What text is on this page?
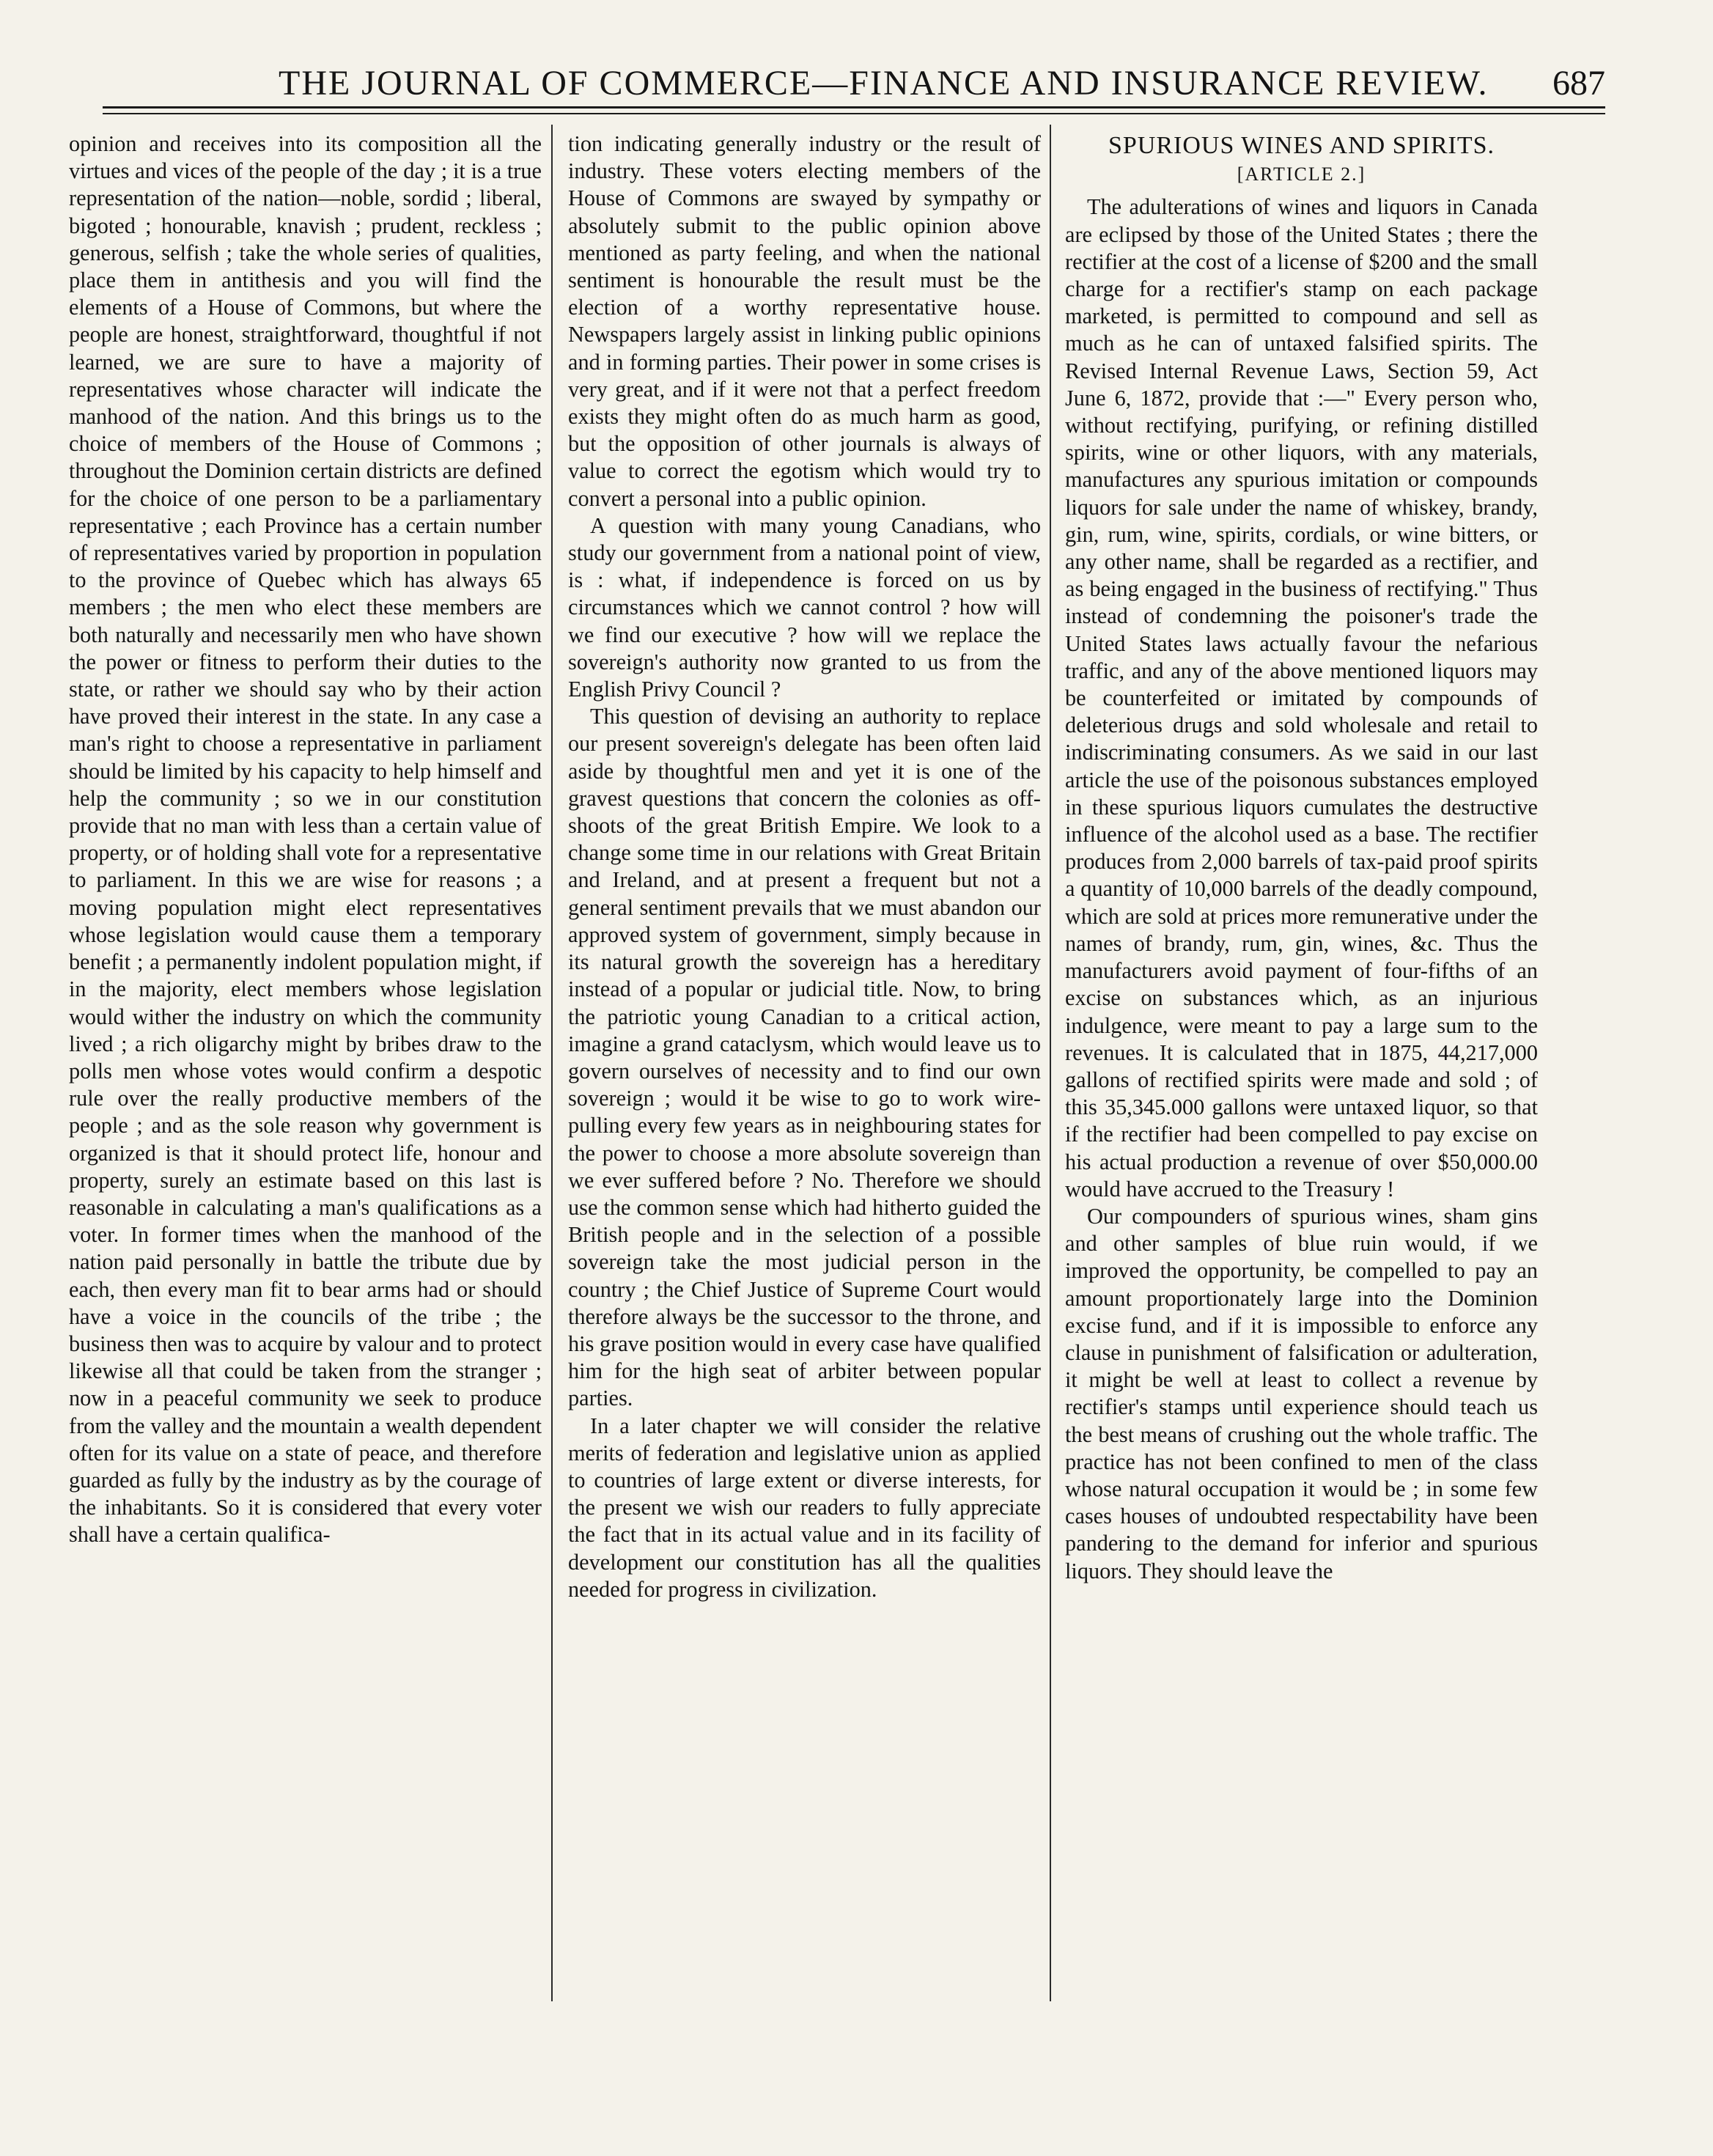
THE JOURNAL OF COMMERCE—FINANCE AND INSURANCE REVIEW. 687

opinion and receives into its composition all the virtues and vices of the people of the day ; it is a true representation of the nation—noble, sordid ; liberal, bigoted ; honourable, knavish ; prudent, reckless ; generous, selfish ; take the whole series of qualities, place them in antithesis and you will find the elements of a House of Commons, but where the people are honest, straightforward, thoughtful if not learned, we are sure to have a majority of representatives whose character will indicate the manhood of the nation. And this brings us to the choice of members of the House of Commons ; throughout the Dominion certain districts are defined for the choice of one person to be a parliamentary representative ; each Province has a certain number of representatives varied by proportion in population to the province of Quebec which has always 65 members ; the men who elect these members are both naturally and necessarily men who have shown the power or fitness to perform their duties to the state, or rather we should say who by their action have proved their interest in the state. In any case a man's right to choose a representative in parliament should be limited by his capacity to help himself and help the community ; so we in our constitution provide that no man with less than a certain value of property, or of holding shall vote for a representative to parliament. In this we are wise for reasons ; a moving population might elect representatives whose legislation would cause them a temporary benefit ; a permanently indolent population might, if in the majority, elect members whose legislation would wither the industry on which the community lived ; a rich oligarchy might by bribes draw to the polls men whose votes would confirm a despotic rule over the really productive members of the people ; and as the sole reason why government is organized is that it should protect life, honour and property, surely an estimate based on this last is reasonable in calculating a man's qualifications as a voter. In former times when the manhood of the nation paid personally in battle the tribute due by each, then every man fit to bear arms had or should have a voice in the councils of the tribe ; the business then was to acquire by valour and to protect likewise all that could be taken from the stranger ; now in a peaceful community we seek to produce from the valley and the mountain a wealth dependent often for its value on a state of peace, and therefore guarded as fully by the industry as by the courage of the inhabitants. So it is considered that every voter shall have a certain qualifica-

tion indicating generally industry or the result of industry. These voters electing members of the House of Commons are swayed by sympathy or absolutely submit to the public opinion above mentioned as party feeling, and when the national sentiment is honourable the result must be the election of a worthy representative house. Newspapers largely assist in linking public opinions and in forming parties. Their power in some crises is very great, and if it were not that a perfect freedom exists they might often do as much harm as good, but the opposition of other journals is always of value to correct the egotism which would try to convert a personal into a public opinion.

A question with many young Canadians, who study our government from a national point of view, is : what, if independence is forced on us by circumstances which we cannot control ? how will we find our executive ? how will we replace the sovereign's authority now granted to us from the English Privy Council ?

This question of devising an authority to replace our present sovereign's delegate has been often laid aside by thoughtful men and yet it is one of the gravest questions that concern the colonies as off-shoots of the great British Empire. We look to a change some time in our relations with Great Britain and Ireland, and at present a frequent but not a general sentiment prevails that we must abandon our approved system of government, simply because in its natural growth the sovereign has a hereditary instead of a popular or judicial title. Now, to bring the patriotic young Canadian to a critical action, imagine a grand cataclysm, which would leave us to govern ourselves of necessity and to find our own sovereign ; would it be wise to go to work wire-pulling every few years as in neighbouring states for the power to choose a more absolute sovereign than we ever suffered before ? No. Therefore we should use the common sense which had hitherto guided the British people and in the selection of a possible sovereign take the most judicial person in the country ; the Chief Justice of Supreme Court would therefore always be the successor to the throne, and his grave position would in every case have qualified him for the high seat of arbiter between popular parties.

In a later chapter we will consider the relative merits of federation and legislative union as applied to countries of large extent or diverse interests, for the present we wish our readers to fully appreciate the fact that in its actual value and in its facility of development our constitution has all the qualities needed for progress in civilization.

SPURIOUS WINES AND SPIRITS.
[ARTICLE 2.]

The adulterations of wines and liquors in Canada are eclipsed by those of the United States ; there the rectifier at the cost of a license of $200 and the small charge for a rectifier's stamp on each package marketed, is permitted to compound and sell as much as he can of untaxed falsified spirits. The Revised Internal Revenue Laws, Section 59, Act June 6, 1872, provide that :—" Every person who, without rectifying, purifying, or refining distilled spirits, wine or other liquors, with any materials, manufactures any spurious imitation or compounds liquors for sale under the name of whiskey, brandy, gin, rum, wine, spirits, cordials, or wine bitters, or any other name, shall be regarded as a rectifier, and as being engaged in the business of rectifying." Thus instead of condemning the poisoner's trade the United States laws actually favour the nefarious traffic, and any of the above mentioned liquors may be counterfeited or imitated by compounds of deleterious drugs and sold wholesale and retail to indiscriminating consumers. As we said in our last article the use of the poisonous substances employed in these spurious liquors cumulates the destructive influence of the alcohol used as a base. The rectifier produces from 2,000 barrels of tax-paid proof spirits a quantity of 10,000 barrels of the deadly compound, which are sold at prices more remunerative under the names of brandy, rum, gin, wines, &c. Thus the manufacturers avoid payment of four-fifths of an excise on substances which, as an injurious indulgence, were meant to pay a large sum to the revenues. It is calculated that in 1875, 44,217,000 gallons of rectified spirits were made and sold ; of this 35,345.000 gallons were untaxed liquor, so that if the rectifier had been compelled to pay excise on his actual production a revenue of over $50,000.00 would have accrued to the Treasury !

Our compounders of spurious wines, sham gins and other samples of blue ruin would, if we improved the opportunity, be compelled to pay an amount proportionately large into the Dominion excise fund, and if it is impossible to enforce any clause in punishment of falsification or adulteration, it might be well at least to collect a revenue by rectifier's stamps until experience should teach us the best means of crushing out the whole traffic. The practice has not been confined to men of the class whose natural occupation it would be ; in some few cases houses of undoubted respectability have been pandering to the demand for inferior and spurious liquors. They should leave the
